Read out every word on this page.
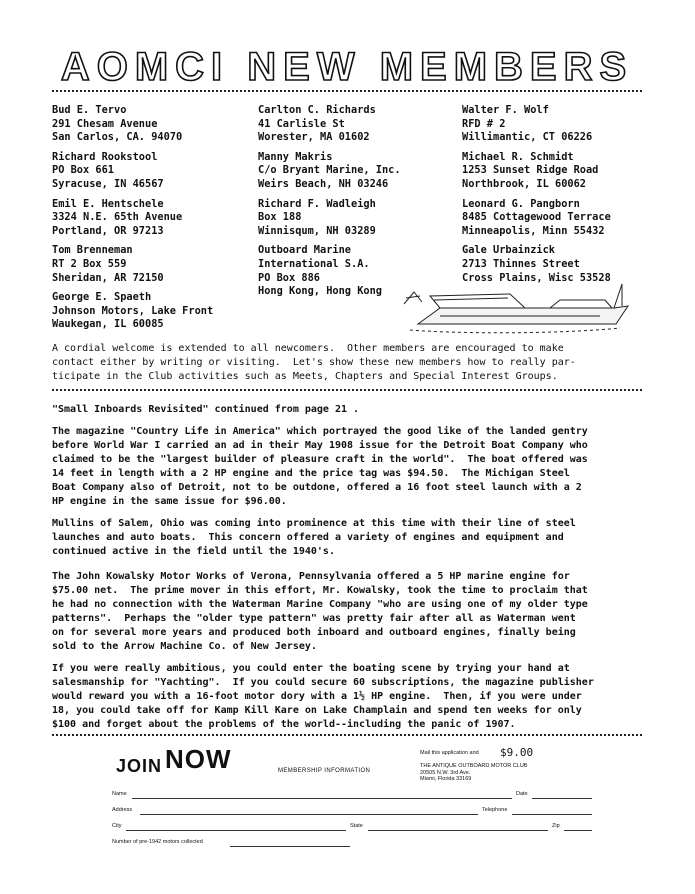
AOMCI NEW MEMBERS
Bud E. Tervo
291 Chesam Avenue
San Carlos, CA. 94070
Richard Rookstool
PO Box 661
Syracuse, IN 46567
Emil E. Hentschele
3324 N.E. 65th Avenue
Portland, OR 97213
Tom Brenneman
RT 2 Box 559
Sheridan, AR 72150
George E. Spaeth
Johnson Motors, Lake Front
Waukegan, IL 60085
Carlton C. Richards
41 Carlisle St
Worester, MA 01602
Manny Makris
C/o Bryant Marine, Inc.
Weirs Beach, NH 03246
Richard F. Wadleigh
Box 188
Winnisqum, NH 03289
Outboard Marine
International S.A.
PO Box 886
Hong Kong, Hong Kong
Walter F. Wolf
RFD # 2
Willimantic, CT 06226
Michael R. Schmidt
1253 Sunset Ridge Road
Northbrook, IL 60062
Leonard G. Pangborn
8485 Cottagewood Terrace
Minneapolis, Minn 55432
Gale Urbainzick
2713 Thinnes Street
Cross Plains, Wisc 53528
A cordial welcome is extended to all newcomers.  Other members are encouraged to make
contact either by writing or visiting.  Let's show these new members how to really par-
ticipate in the Club activities such as Meets, Chapters and Special Interest Groups.
"Small Inboards Revisited" continued from page 21 .
The magazine "Country Life in America" which portrayed the good like of the landed gentry
before World War I carried an ad in their May 1908 issue for the Detroit Boat Company who
claimed to be the "largest builder of pleasure craft in the world".  The boat offered was
14 feet in length with a 2 HP engine and the price tag was $94.50.  The Michigan Steel
Boat Company also of Detroit, not to be outdone, offered a 16 foot steel launch with a 2
HP engine in the same issue for $96.00.
Mullins of Salem, Ohio was coming into prominence at this time with their line of steel
launches and auto boats.  This concern offered a variety of engines and equipment and
continued active in the field until the 1940's.
The John Kowalsky Motor Works of Verona, Pennsylvania offered a 5 HP marine engine for
$75.00 net.  The prime mover in this effort, Mr. Kowalsky, took the time to proclaim that
he had no connection with the Waterman Marine Company "who are using one of my older type
patterns".  Perhaps the "older type pattern" was pretty fair after all as Waterman went
on for several more years and produced both inboard and outboard engines, finally being
sold to the Arrow Machine Co. of New Jersey.
If you were really ambitious, you could enter the boating scene by trying your hand at
salesmanship for "Yachting".  If you could secure 60 subscriptions, the magazine publisher
would reward you with a 16-foot motor dory with a 1½ HP engine.  Then, if you were under
18, you could take off for Kamp Kill Kare on Lake Champlain and spend ten weeks for only
$100 and forget about the problems of the world--including the panic of 1907.
JOIN NOW	MEMBERSHIP INFORMATION
Mail this application and $9.00
THE ANTIQUE OUTBOARD MOTOR CLUB
20505 N.W. 3rd Ave.
Miami, Florida 33169
Name	Date
Address	Telephone
City	State	Zip
Number of pre-1942 motors collected
